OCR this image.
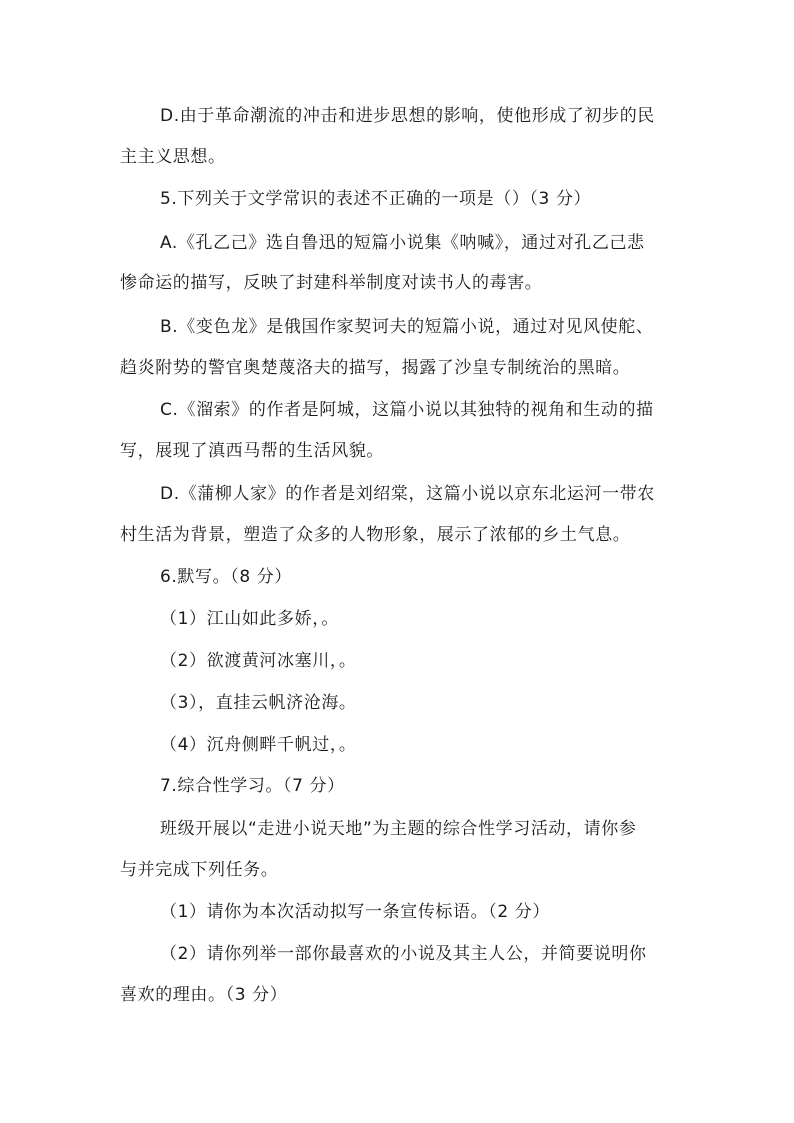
D.由于革命潮流的冲击和进步思想的影响，使他形成了初步的民
主主义思想。
5.下列关于文学常识的表述不正确的一项是（）（3 分）
A.《孔乙己》选自鲁迅的短篇小说集《呐喊》，通过对孔乙己悲
惨命运的描写，反映了封建科举制度对读书人的毒害。
B.《变色龙》是俄国作家契诃夫的短篇小说，通过对见风使舵、
趋炎附势的警官奥楚蔑洛夫的描写，揭露了沙皇专制统治的黑暗。
C.《溜索》的作者是阿城，这篇小说以其独特的视角和生动的描
写，展现了滇西马帮的生活风貌。
D.《蒲柳人家》的作者是刘绍棠，这篇小说以京东北运河一带农
村生活为背景，塑造了众多的人物形象，展示了浓郁的乡土气息。
6.默写。（8 分）
（1）江山如此多娇，。
（2）欲渡黄河冰塞川，。
（3），直挂云帆济沧海。
（4）沉舟侧畔千帆过，。
7.综合性学习。（7 分）
班级开展以“走进小说天地”为主题的综合性学习活动，请你参
与并完成下列任务。
（1）请你为本次活动拟写一条宣传标语。（2 分）
（2）请你列举一部你最喜欢的小说及其主人公，并简要说明你
喜欢的理由。（3 分）
